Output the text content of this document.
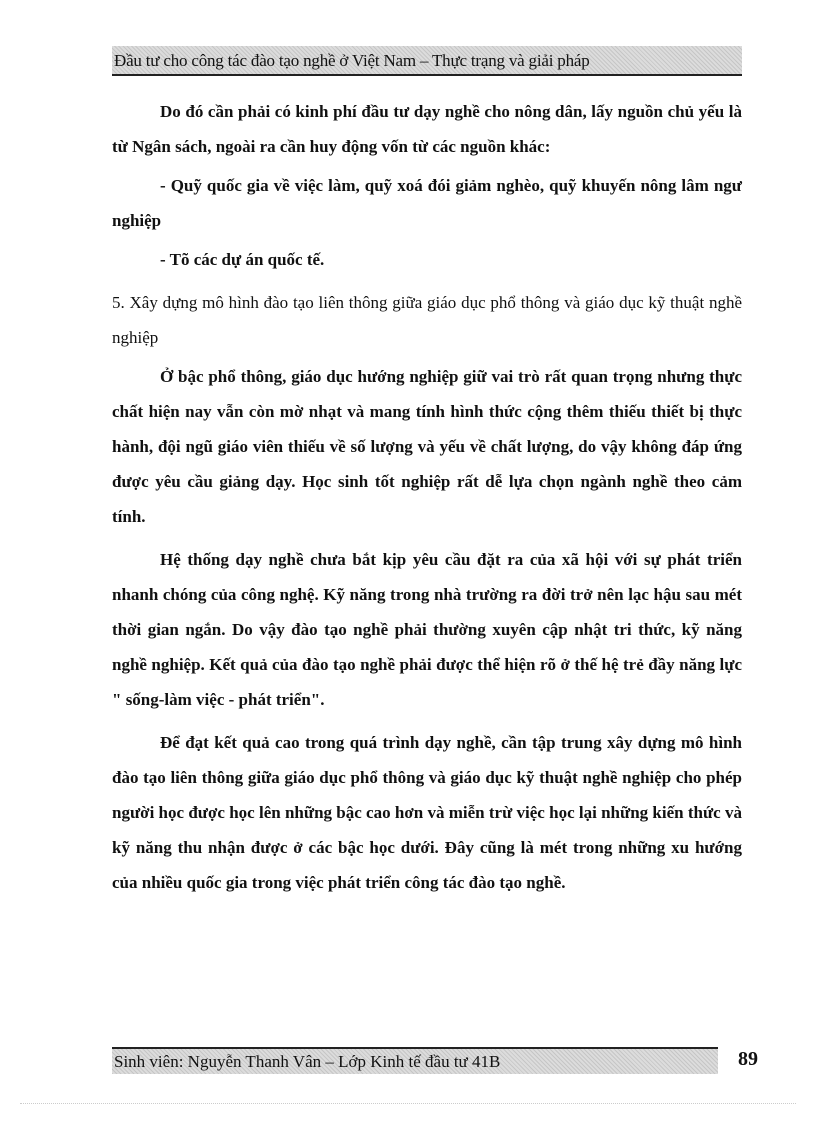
Đầu tư cho công tác đào tạo nghề ở Việt Nam – Thực trạng và giải pháp

Do đó cần phải có kinh phí đầu tư dạy nghề cho nông dân, lấy nguồn chủ yếu là từ Ngân sách, ngoài ra cần huy động vốn từ các nguồn khác:

- Quỹ quốc gia về việc làm, quỹ xoá đói giảm nghèo, quỹ khuyến nông lâm ngư nghiệp

- Tõ các dự án quốc tế.

5. Xây dựng mô hình đào tạo liên thông giữa giáo dục phổ thông và giáo dục kỹ thuật nghề nghiệp

Ở bậc phổ thông, giáo dục hướng nghiệp giữ vai trò rất quan trọng nhưng thực chất hiện nay vẫn còn mờ nhạt và mang tính hình thức cộng thêm thiếu thiết bị thực hành, đội ngũ giáo viên thiếu về số lượng và yếu về chất lượng, do vậy không đáp ứng được yêu cầu giảng dạy. Học sinh tốt nghiệp rất dễ lựa chọn ngành nghề theo cảm tính.

Hệ thống dạy nghề chưa bắt kịp yêu cầu đặt ra của xã hội với sự phát triển nhanh chóng của công nghệ. Kỹ năng trong nhà trường ra đời trở nên lạc hậu sau mét thời gian ngắn. Do vậy đào tạo nghề phải thường xuyên cập nhật tri thức, kỹ năng nghề nghiệp. Kết quả của đào tạo nghề phải được thể hiện rõ ở thế hệ trẻ đầy năng lực " sống-làm việc - phát triển".

Để đạt kết quả cao trong quá trình dạy nghề, cần tập trung xây dựng mô hình đào tạo liên thông giữa giáo dục phổ thông và giáo dục kỹ thuật nghề nghiệp cho phép người học được học lên những bậc cao hơn và miễn trừ việc học lại những kiến thức và kỹ năng thu nhận được ở các bậc học dưới. Đây cũng là mét trong những xu hướng của nhiều quốc gia trong việc phát triển công tác đào tạo nghề.

Sinh viên: Nguyễn Thanh Vân – Lớp Kinh tế đầu tư 41B	89
